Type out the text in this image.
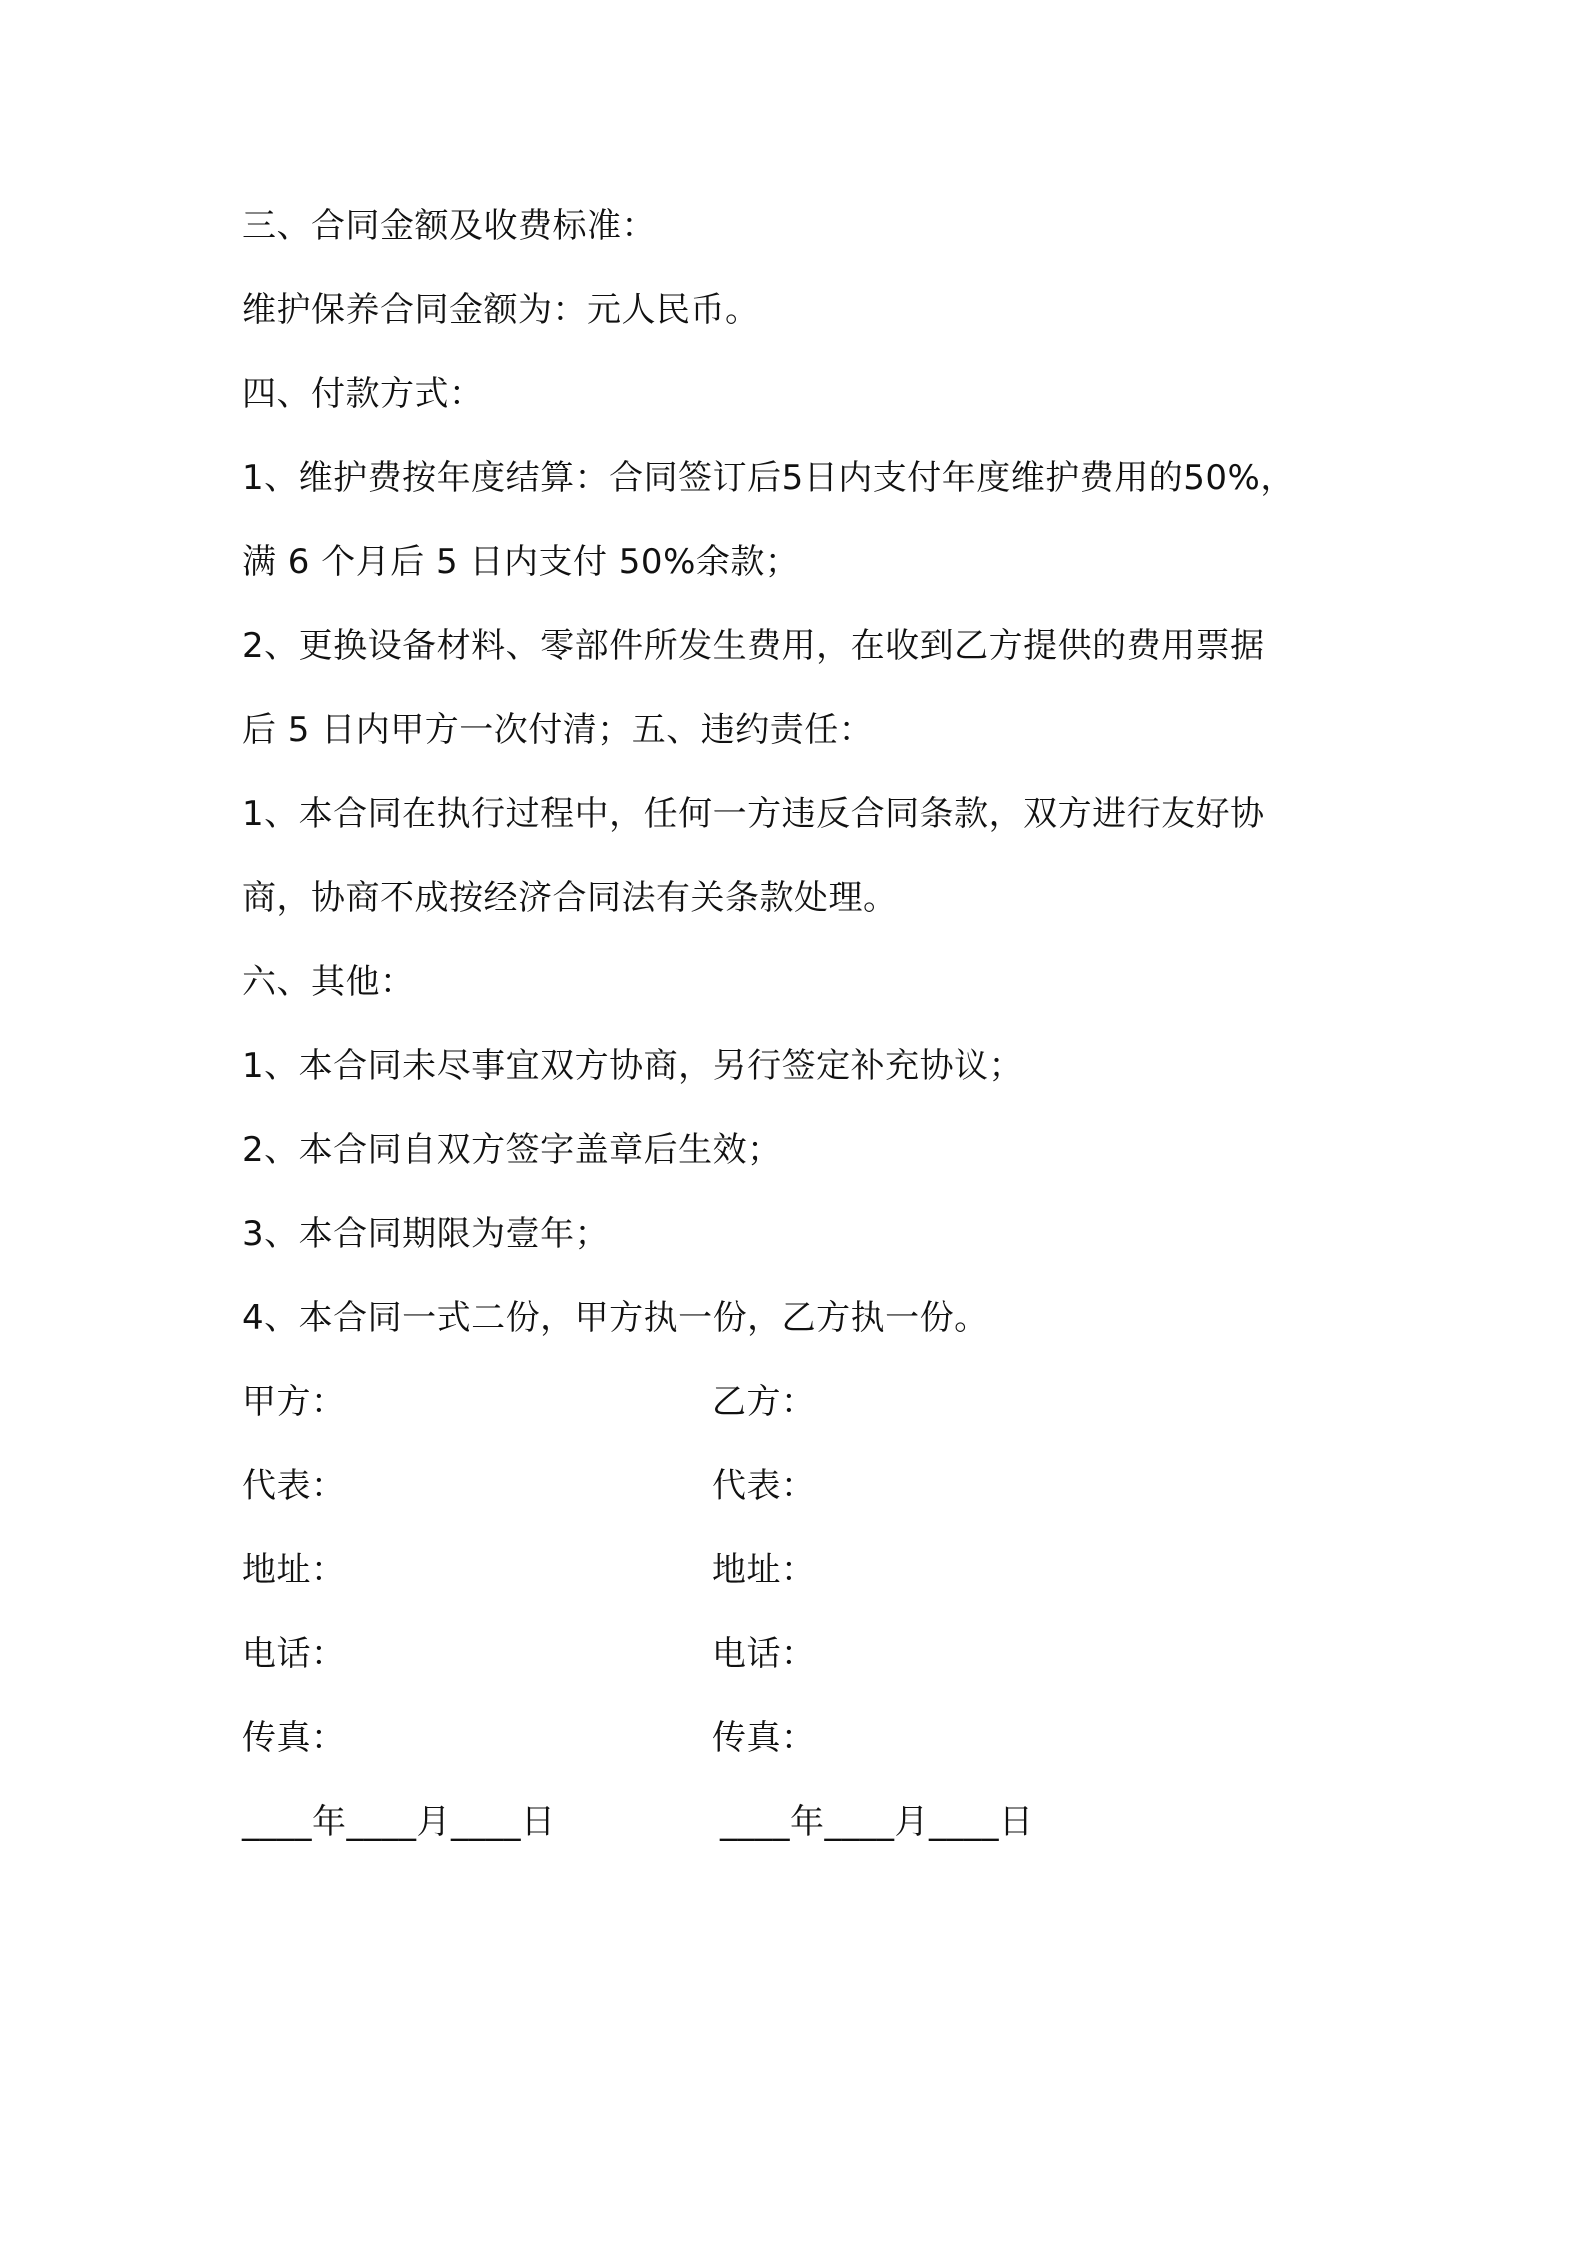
三、合同金额及收费标准：
维护保养合同金额为：元人民币。
四、付款方式：
1、维护费按年度结算：合同签订后5日内支付年度维护费用的50%，
满 6 个月后 5 日内支付 50%余款；
2、更换设备材料、零部件所发生费用，在收到乙方提供的费用票据
后 5 日内甲方一次付清；五、违约责任：
1、本合同在执行过程中，任何一方违反合同条款，双方进行友好协
商，协商不成按经济合同法有关条款处理。
六、其他：
1、本合同未尽事宜双方协商，另行签定补充协议；
2、本合同自双方签字盖章后生效；
3、本合同期限为壹年；
4、本合同一式二份，甲方执一份，乙方执一份。
甲方：
代表：
地址：
电话：
传真：
____年____月____日
乙方：
代表：
地址：
电话：
传真：
____年____月____日
